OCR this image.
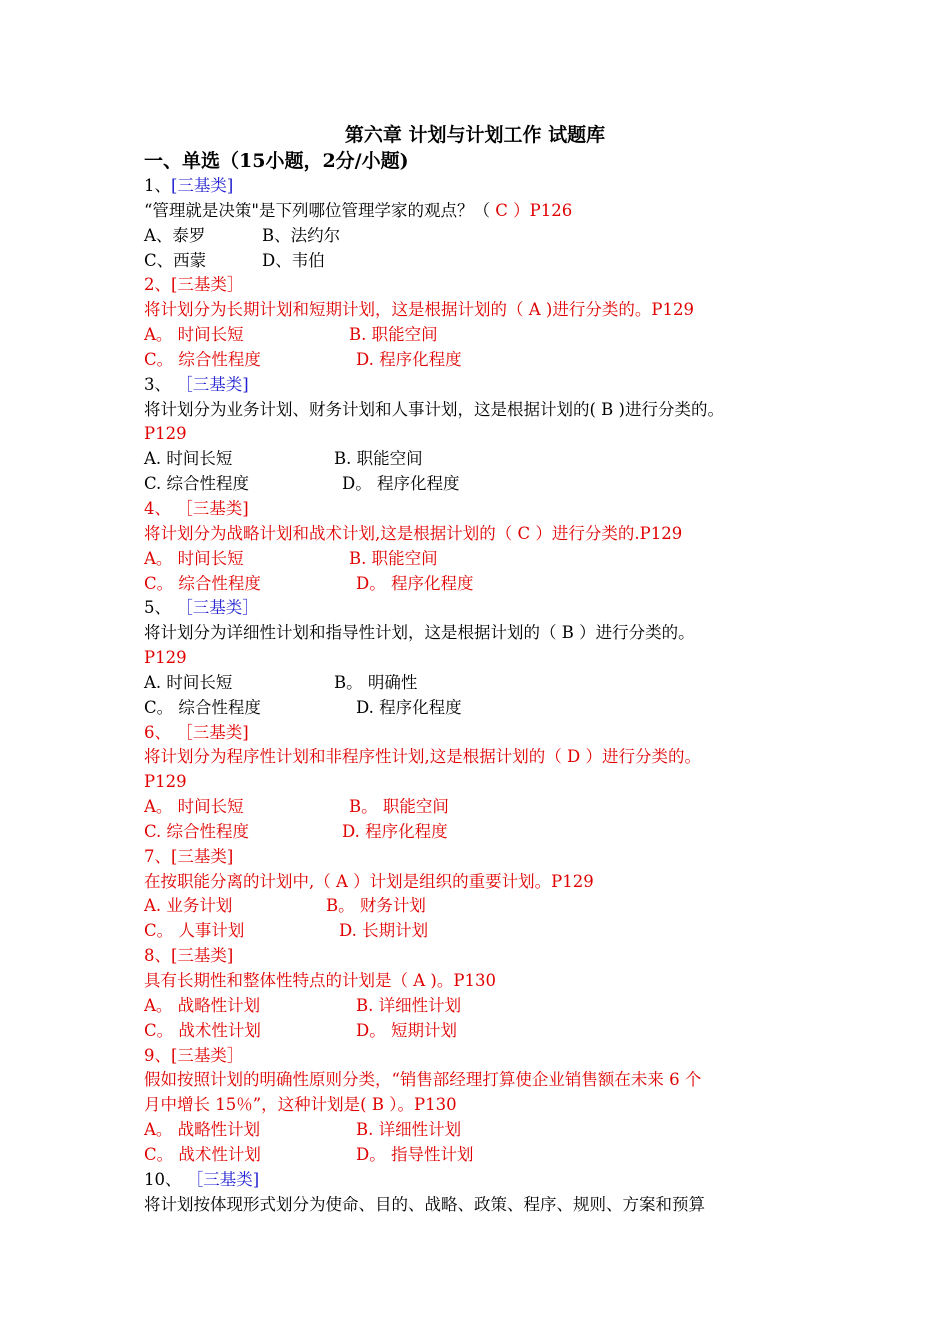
第六章 计划与计划工作 试题库
一、单选（15小题，2分/小题)
1、[三基类]
“管理就是决策"是下列哪位管理学家的观点？（ C ）P126
A、泰罗	B、法约尔
C、西蒙	D、韦伯
2、[三基类］
将计划分为长期计划和短期计划，这是根据计划的（ A )进行分类的。P129
A。 时间长短	B. 职能空间
C。 综合性程度	D. 程序化程度
3、 ［三基类]
将计划分为业务计划、财务计划和人事计划，这是根据计划的( B )进行分类的。
P129
A. 时间长短	B. 职能空间
C. 综合性程度	D。 程序化程度
4、 ［三基类]
将计划分为战略计划和战术计划,这是根据计划的（ C ）进行分类的.P129
A。 时间长短	B. 职能空间
C。 综合性程度	D。 程序化程度
5、 ［三基类］
将计划分为详细性计划和指导性计划，这是根据计划的（ B ）进行分类的。
P129
A. 时间长短	B。 明确性
C。 综合性程度	D. 程序化程度
6、 ［三基类]
将计划分为程序性计划和非程序性计划,这是根据计划的（ D ）进行分类的。
P129
A。 时间长短	B。 职能空间
C. 综合性程度	D. 程序化程度
7、[三基类]
在按职能分离的计划中,（ A ）计划是组织的重要计划。P129
A. 业务计划	B。 财务计划
C。 人事计划	D. 长期计划
8、[三基类]
具有长期性和整体性特点的计划是（ A )。P130
A。 战略性计划	B. 详细性计划
C。 战术性计划	D。 短期计划
9、[三基类］
假如按照计划的明确性原则分类，“销售部经理打算使企业销售额在未来 6 个
月中增长 15％”，这种计划是( B ）。P130
A。 战略性计划	B. 详细性计划
C。 战术性计划	D。 指导性计划
10、 ［三基类]
将计划按体现形式划分为使命、目的、战略、政策、程序、规则、方案和预算
